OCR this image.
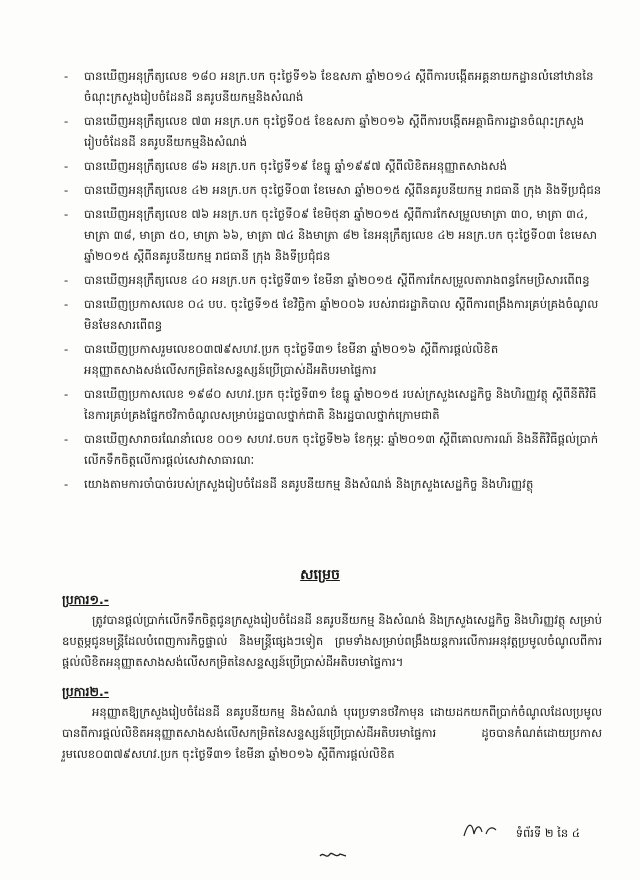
- បានឃើញអនុក្រឹត្យលេខ ១៨០ អនក្រ.បក ចុះថ្ងៃទី១៦ ខែឧសភា ឆ្នាំ២០១៤ ស្តីពីការបង្កើតអគ្គនាយកដ្ឋានលំនៅឋាននៃចំណុះក្រសួងរៀបចំដែនដី នគរូបនីយកម្មនិងសំណង់
- បានឃើញអនុក្រឹត្យលេខ ៧៣ អនក្រ.បក ចុះថ្ងៃទី០៥ ខែឧសភា ឆ្នាំ២០១៦ ស្តីពីការបង្កើតអគ្គាធិការដ្ឋានចំណុះក្រសួងរៀបចំដែនដី នគរូបនីយកម្មនិងសំណង់
- បានឃើញអនុក្រឹត្យលេខ ៨៦ អនក្រ.បក ចុះថ្ងៃទី១៩ ខែធ្នូ ឆ្នាំ១៩៩៧ ស្តីពីលិខិតអនុញ្ញាតសាងសង់
- បានឃើញអនុក្រឹត្យលេខ ៤២ អនក្រ.បក ចុះថ្ងៃទី០៣ ខែមេសា ឆ្នាំ២០១៥ ស្តីពីនគរូបនីយកម្ម រាជធានី ក្រុង និងទីប្រជុំជន
- បានឃើញអនុក្រឹត្យលេខ ៧៦ អនក្រ.បក ចុះថ្ងៃទី០៩ ខែមិថុនា ឆ្នាំ២០១៥ ស្តីពីការកែសម្រួលមាត្រា ៣០, មាត្រា ៣៤, មាត្រា ៣៨, មាត្រា ៥០, មាត្រា ៦៦, មាត្រា ៧៤ និងមាត្រា ៨២ នៃអនុក្រឹត្យលេខ ៤២ អនក្រ.បក ចុះថ្ងៃទី០៣ ខែមេសា ឆ្នាំ២០១៥ ស្តីពីនគរូបនីយកម្ម រាជធានី ក្រុង និងទីប្រជុំជន
- បានឃើញអនុក្រឹត្យលេខ ៤០ អនក្រ.បក ចុះថ្ងៃទី៣១ ខែមីនា ឆ្នាំ២០១៥ ស្តីពីការកែសម្រួលតារាងពន្ធកែមប្រិសារពើពន្ធ
- បានឃើញប្រកាសលេខ ០៤ បប. ចុះថ្ងៃទី១៥ ខែវិច្ឆិកា ឆ្នាំ២០០៦ របស់រាជរដ្ឋាភិបាល ស្តីពីការពង្រឹងការគ្រប់គ្រងចំណូលមិនមែនសារពើពន្ធ
- បានឃើញប្រកាសរួមលេខ០៣៧៩សហវ.ប្រក ចុះថ្ងៃទី៣១ ខែមីនា ឆ្នាំ២០១៦ ស្តីពីការផ្តល់លិខិតអនុញ្ញាតសាងសង់លើសកម្រិតនៃសន្ទស្សន៍ប្រើប្រាស់ដីអតិបរមាផ្ទៃការ
- បានឃើញប្រកាសលេខ ១៩៨០ សហវ.ប្រក ចុះថ្ងៃទី៣១ ខែធ្នូ ឆ្នាំ២០១៥ របស់ក្រសួងសេដ្ឋកិច្ច និងហិរញ្ញវត្ថុ ស្តីពីនីតិវិធីនៃការគ្រប់គ្រងផ្នែកថវិកាចំណូលសម្រាប់រដ្ឋបាលថ្នាក់ជាតិ និងរដ្ឋបាលថ្នាក់ក្រោមជាតិ
- បានឃើញសារាចរណែនាំលេខ ០០១ សហវ.ចបក ចុះថ្ងៃទី២៦ ខែកុម្ភៈ ឆ្នាំ២០១៣ ស្តីពីគោលការណ៍ និងនីតិវិធីផ្តល់ប្រាក់លើកទឹកចិត្តលើការផ្តល់សេវាសាធារណៈ
- យោងតាមការចាំបាច់របស់ក្រសួងរៀបចំដែនដី នគរូបនីយកម្ម និងសំណង់ និងក្រសួងសេដ្ឋកិច្ច និងហិរញ្ញវត្ថុ
សម្រេច
ប្រការ១.-
ត្រូវបានផ្តល់ប្រាក់លើកទឹកចិត្តជូនក្រសួងរៀបចំដែនដី នគរូបនីយកម្ម និងសំណង់ និងក្រសួងសេដ្ឋកិច្ច និងហិរញ្ញវត្ថុ សម្រាប់ឧបត្ថម្ភជូនមន្ត្រីដែលបំពេញការកិច្ចផ្ទាល់ និងមន្ត្រីផ្សេងៗទៀត ព្រមទាំងសម្រាប់ពង្រឹងយន្តការលើការអនុវត្តប្រមូលចំណូលពីការផ្តល់លិខិតអនុញ្ញាតសាងសង់លើសកម្រិតនៃសន្ទស្សន៍ប្រើប្រាស់ដីអតិបរមាផ្ទៃការ។
ប្រការ២.-
អនុញ្ញាតឱ្យក្រសួងរៀបចំដែនដី នគរូបនីយកម្ម និងសំណង់ បុរេប្រទានថវិកាមុន ដោយដកយកពីប្រាក់ចំណូលដែលប្រមូលបានពីការផ្តល់លិខិតអនុញ្ញាតសាងសង់លើសកម្រិតនៃសន្ទស្សន៍ប្រើប្រាស់ដីអតិបរមាផ្ទៃការ ដូចបានកំណត់ដោយប្រកាសរួមលេខ០៣៧៩សហវ.ប្រក ចុះថ្ងៃទី៣១ ខែមីនា ឆ្នាំ២០១៦ ស្តីពីការផ្តល់លិខិត
ទំព័រទី ២ នៃ ៤
